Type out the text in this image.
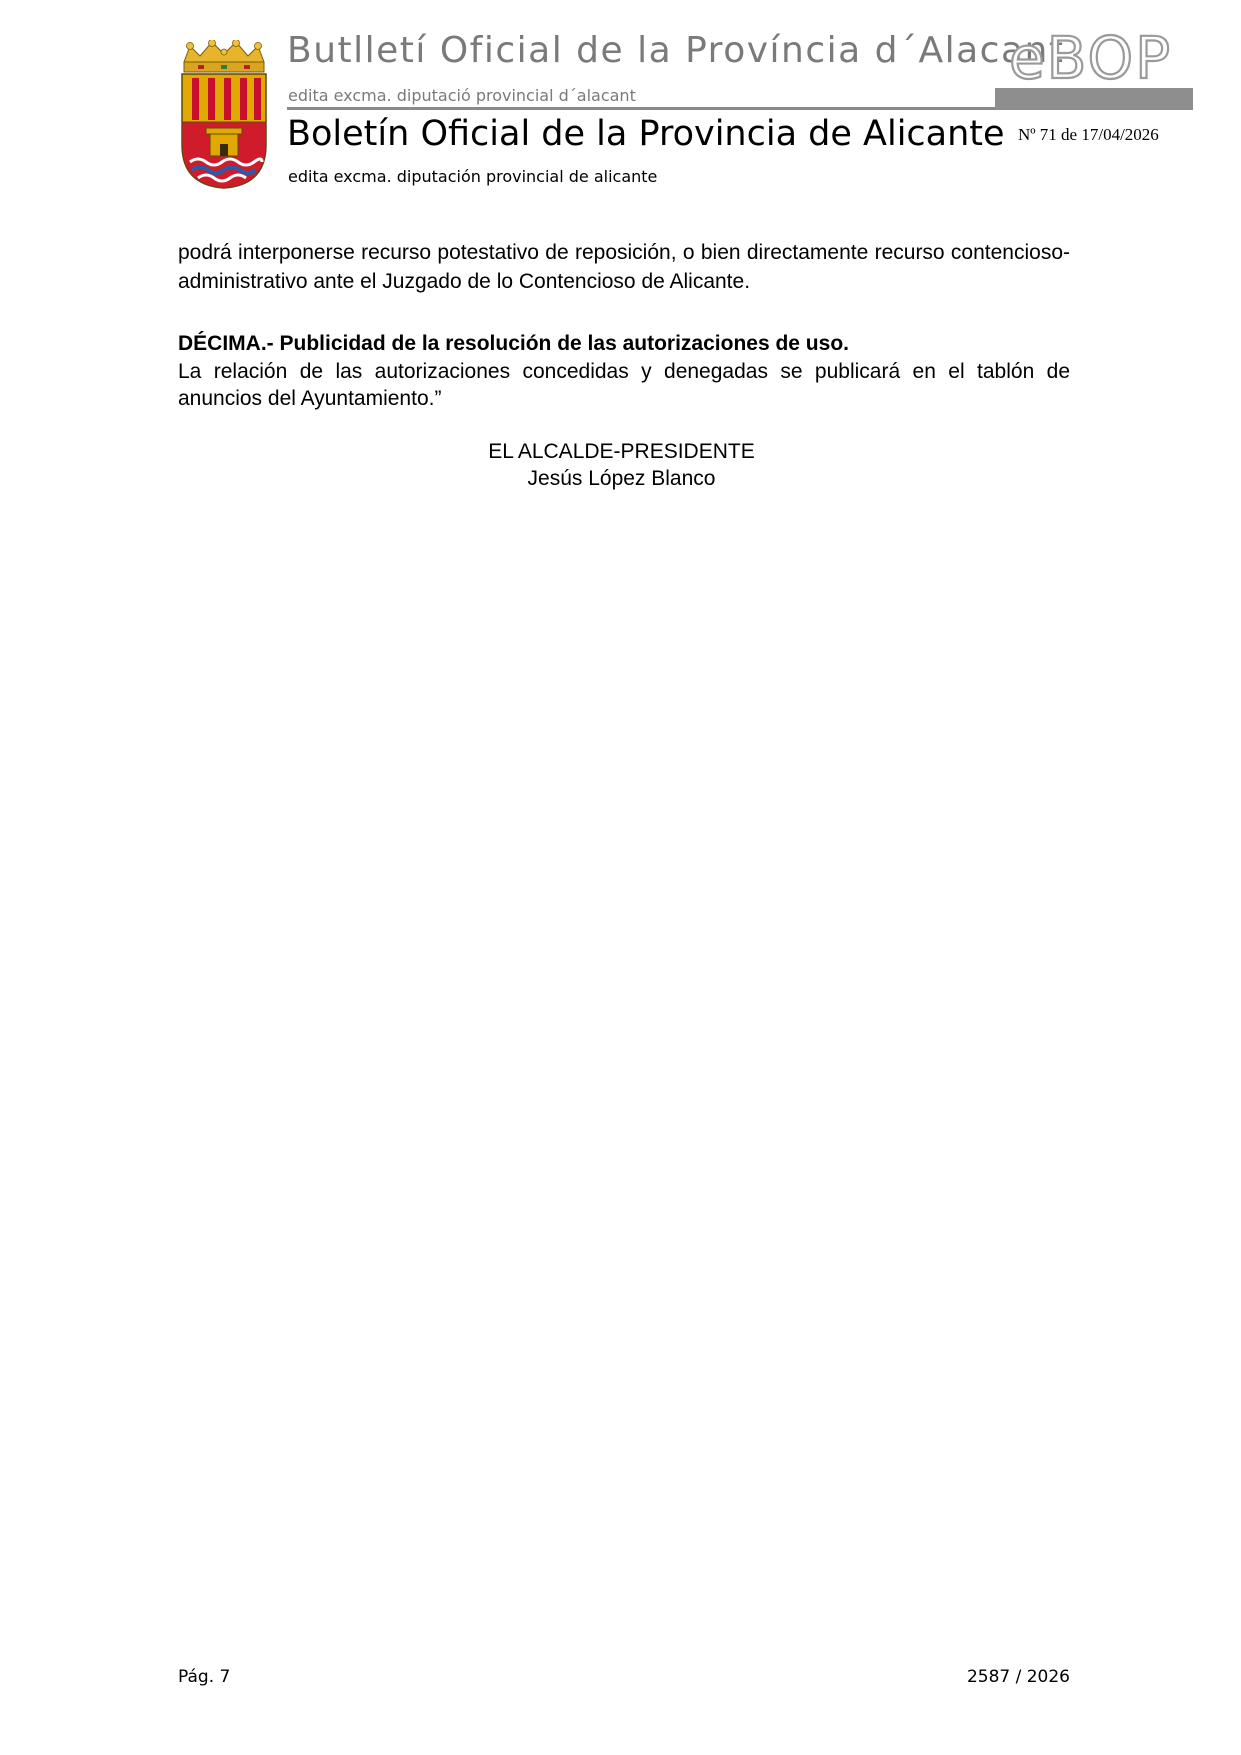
Butlletí Oficial de la Província d´Alacant
edita excma. diputació provincial d´alacant
eBOP
Boletín Oficial de la Provincia de Alicante
edita excma. diputación provincial de alicante
Nº 71 de 17/04/2026

podrá interponerse recurso potestativo de reposición, o bien directamente recurso contencioso-administrativo ante el Juzgado de lo Contencioso de Alicante.

DÉCIMA.- Publicidad de la resolución de las autorizaciones de uso.

La relación de las autorizaciones concedidas y denegadas se publicará en el tablón de anuncios del Ayuntamiento.”

EL ALCALDE-PRESIDENTE
Jesús López Blanco
Pág. 7	2587 / 2026
